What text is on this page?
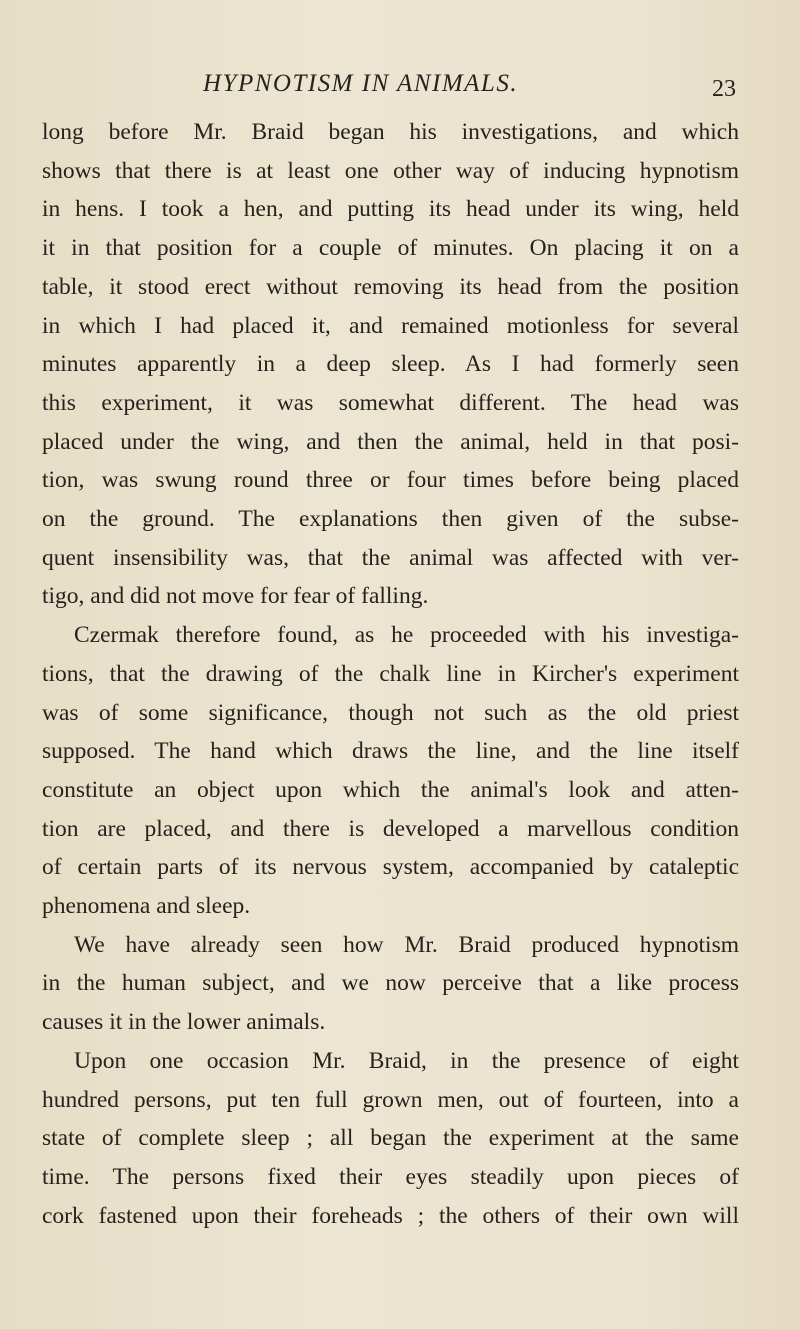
HYPNOTISM IN ANIMALS.	23
long before Mr. Braid began his investigations, and which
shows that there is at least one other way of inducing hypnotism
in hens. I took a hen, and putting its head under its wing, held
it in that position for a couple of minutes. On placing it on a
table, it stood erect without removing its head from the position
in which I had placed it, and remained motionless for several
minutes apparently in a deep sleep. As I had formerly seen
this experiment, it was somewhat different. The head was
placed under the wing, and then the animal, held in that posi-
tion, was swung round three or four times before being placed
on the ground. The explanations then given of the subse-
quent insensibility was, that the animal was affected with ver-
tigo, and did not move for fear of falling.
Czermak therefore found, as he proceeded with his investiga-
tions, that the drawing of the chalk line in Kircher's experiment
was of some significance, though not such as the old priest
supposed. The hand which draws the line, and the line itself
constitute an object upon which the animal's look and atten-
tion are placed, and there is developed a marvellous condition
of certain parts of its nervous system, accompanied by cataleptic
phenomena and sleep.
We have already seen how Mr. Braid produced hypnotism
in the human subject, and we now perceive that a like process
causes it in the lower animals.
Upon one occasion Mr. Braid, in the presence of eight
hundred persons, put ten full grown men, out of fourteen, into a
state of complete sleep ; all began the experiment at the same
time. The persons fixed their eyes steadily upon pieces of
cork fastened upon their foreheads ; the others of their own will
